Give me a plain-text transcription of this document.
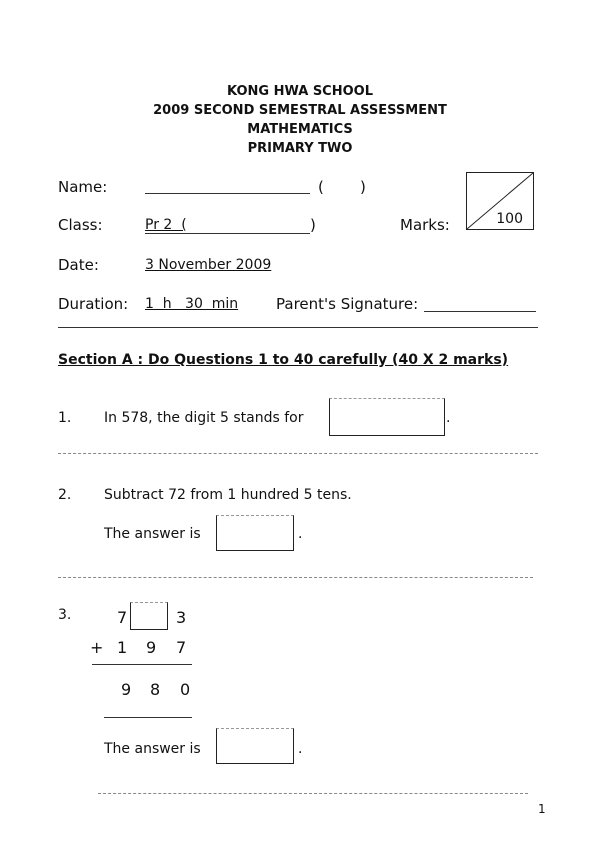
KONG HWA SCHOOL
2009 SECOND SEMESTRAL ASSESSMENT
MATHEMATICS
PRIMARY TWO
Name:	( )
100
Class:	Pr 2  (	)	Marks:
Date:	3 November 2009
Duration: 1  h   30  min	Parent's Signature:
Section A : Do Questions 1 to 40 carefully (40 X 2 marks)
1. In 578, the digit 5 stands for	.
2. Subtract 72 from 1 hundred 5 tens.
The answer is	.
3.	7	3
+ 1 9 7
9 8 0
The answer is	.
1
